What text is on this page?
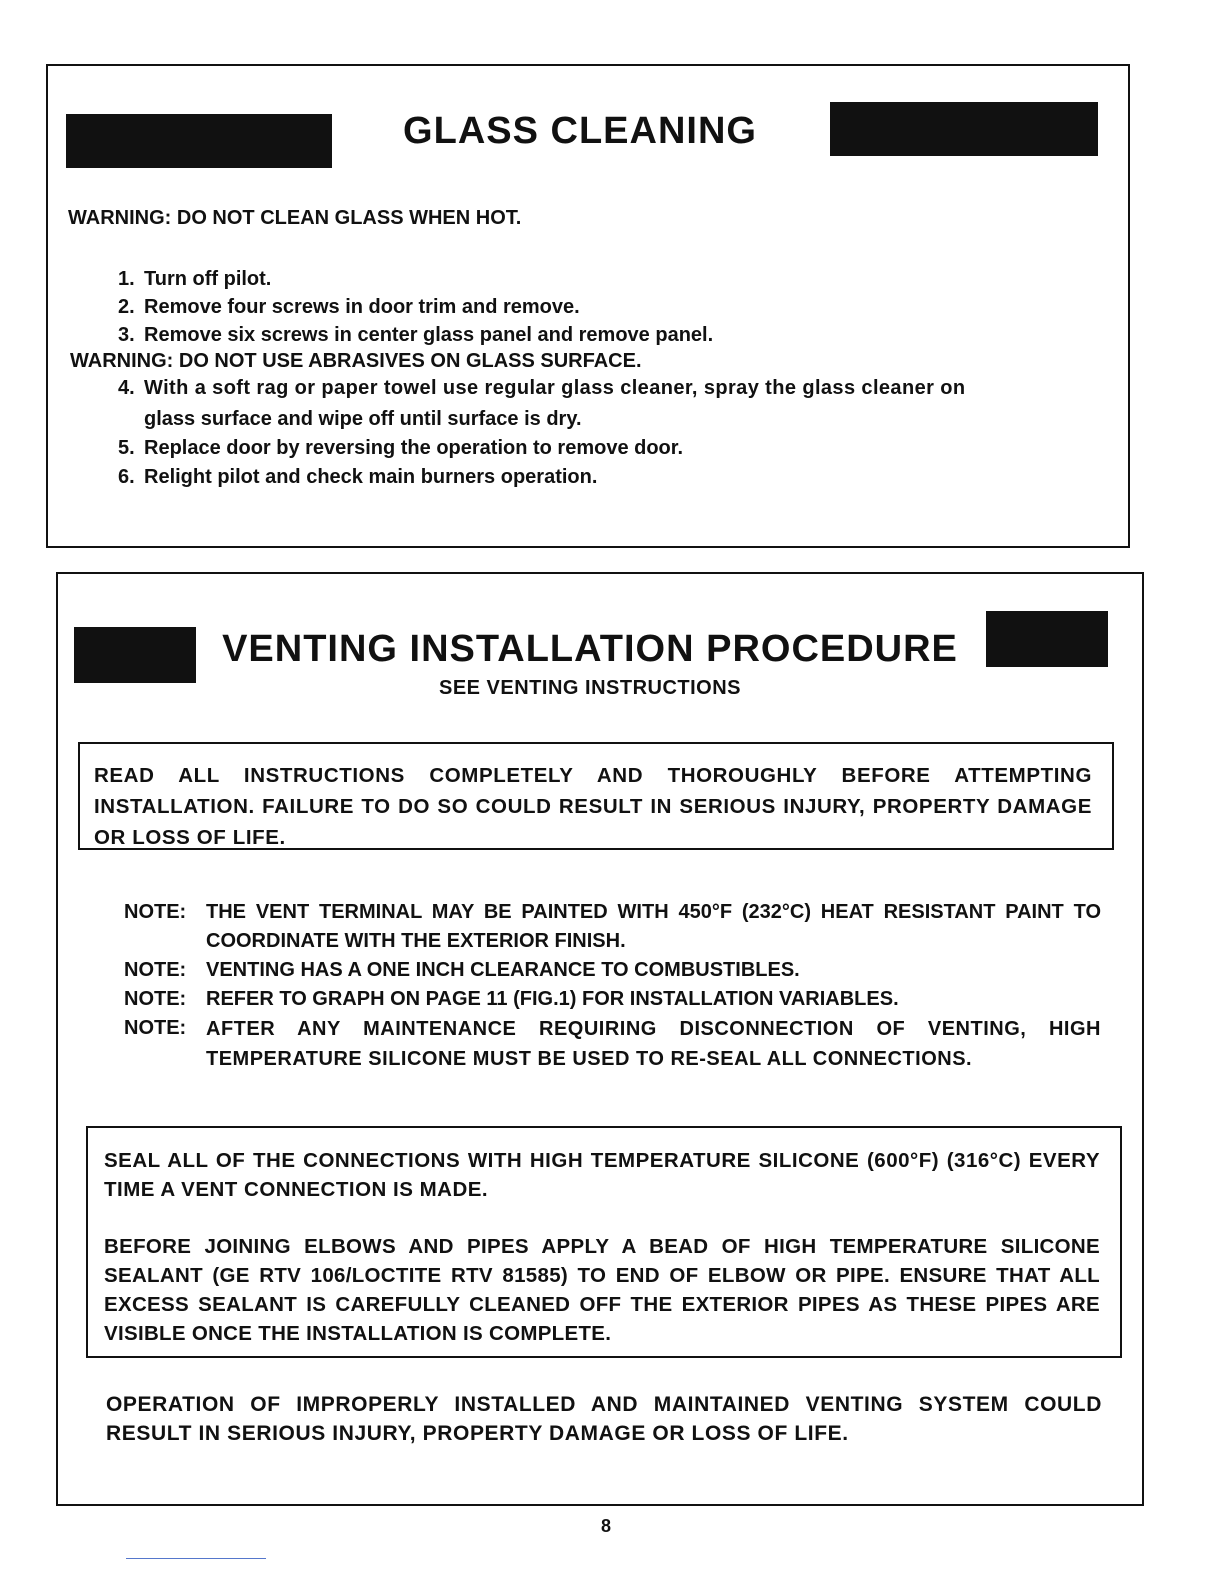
GLASS CLEANING
WARNING: DO NOT CLEAN GLASS WHEN HOT.
1. Turn off pilot.
2. Remove four screws in door trim and remove.
3. Remove six screws in center glass panel and remove panel.
WARNING: DO NOT USE ABRASIVES ON GLASS SURFACE.
4. With a soft rag or paper towel use regular glass cleaner, spray the glass cleaner on
glass surface and wipe off until surface is dry.
5. Replace door by reversing the operation to remove door.
6. Relight pilot and check main burners operation.
VENTING INSTALLATION PROCEDURE
SEE VENTING INSTRUCTIONS
READ ALL INSTRUCTIONS COMPLETELY AND THOROUGHLY BEFORE ATTEMPTING INSTALLATION. FAILURE TO DO SO COULD RESULT IN SERIOUS INJURY, PROPERTY DAMAGE OR LOSS OF LIFE.
NOTE: THE VENT TERMINAL MAY BE PAINTED WITH 450°F (232°C) HEAT RESISTANT PAINT TO COORDINATE WITH THE EXTERIOR FINISH.
NOTE: VENTING HAS A ONE INCH CLEARANCE TO COMBUSTIBLES.
NOTE: REFER TO GRAPH ON PAGE 11 (FIG.1) FOR INSTALLATION VARIABLES.
NOTE: AFTER ANY MAINTENANCE REQUIRING DISCONNECTION OF VENTING, HIGH TEMPERATURE SILICONE MUST BE USED TO RE-SEAL ALL CONNECTIONS.
SEAL ALL OF THE CONNECTIONS WITH HIGH TEMPERATURE SILICONE (600°F) (316°C) EVERY TIME A VENT CONNECTION IS MADE.
BEFORE JOINING ELBOWS AND PIPES APPLY A BEAD OF HIGH TEMPERATURE SILICONE SEALANT (GE RTV 106/LOCTITE RTV 81585) TO END OF ELBOW OR PIPE. ENSURE THAT ALL EXCESS SEALANT IS CAREFULLY CLEANED OFF THE EXTERIOR PIPES AS THESE PIPES ARE VISIBLE ONCE THE INSTALLATION IS COMPLETE.
OPERATION OF IMPROPERLY INSTALLED AND MAINTAINED VENTING SYSTEM COULD RESULT IN SERIOUS INJURY, PROPERTY DAMAGE OR LOSS OF LIFE.
8
